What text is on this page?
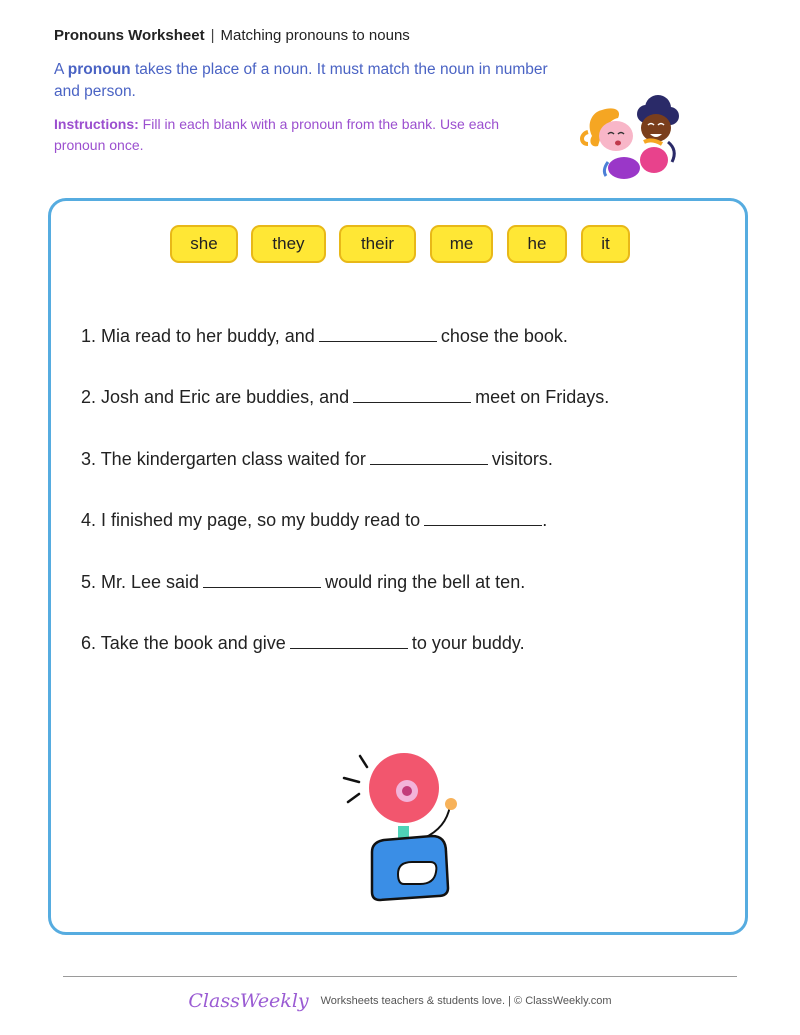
Pronouns Worksheet | Matching pronouns to nouns
A pronoun takes the place of a noun. It must match the noun in number and person.
Instructions: Fill in each blank with a pronoun from the bank. Use each pronoun once.
she	they	their	me	he	it
1. Mia read to her buddy, and	chose the book.
2. Josh and Eric are buddies, and	meet on Fridays.
3. The kindergarten class waited for	visitors.
4. I finished my page, so my buddy read to	.
5. Mr. Lee said	would ring the bell at ten.
6. Take the book and give	to your buddy.
ClassWeekly Worksheets teachers & students love. | © ClassWeekly.com
